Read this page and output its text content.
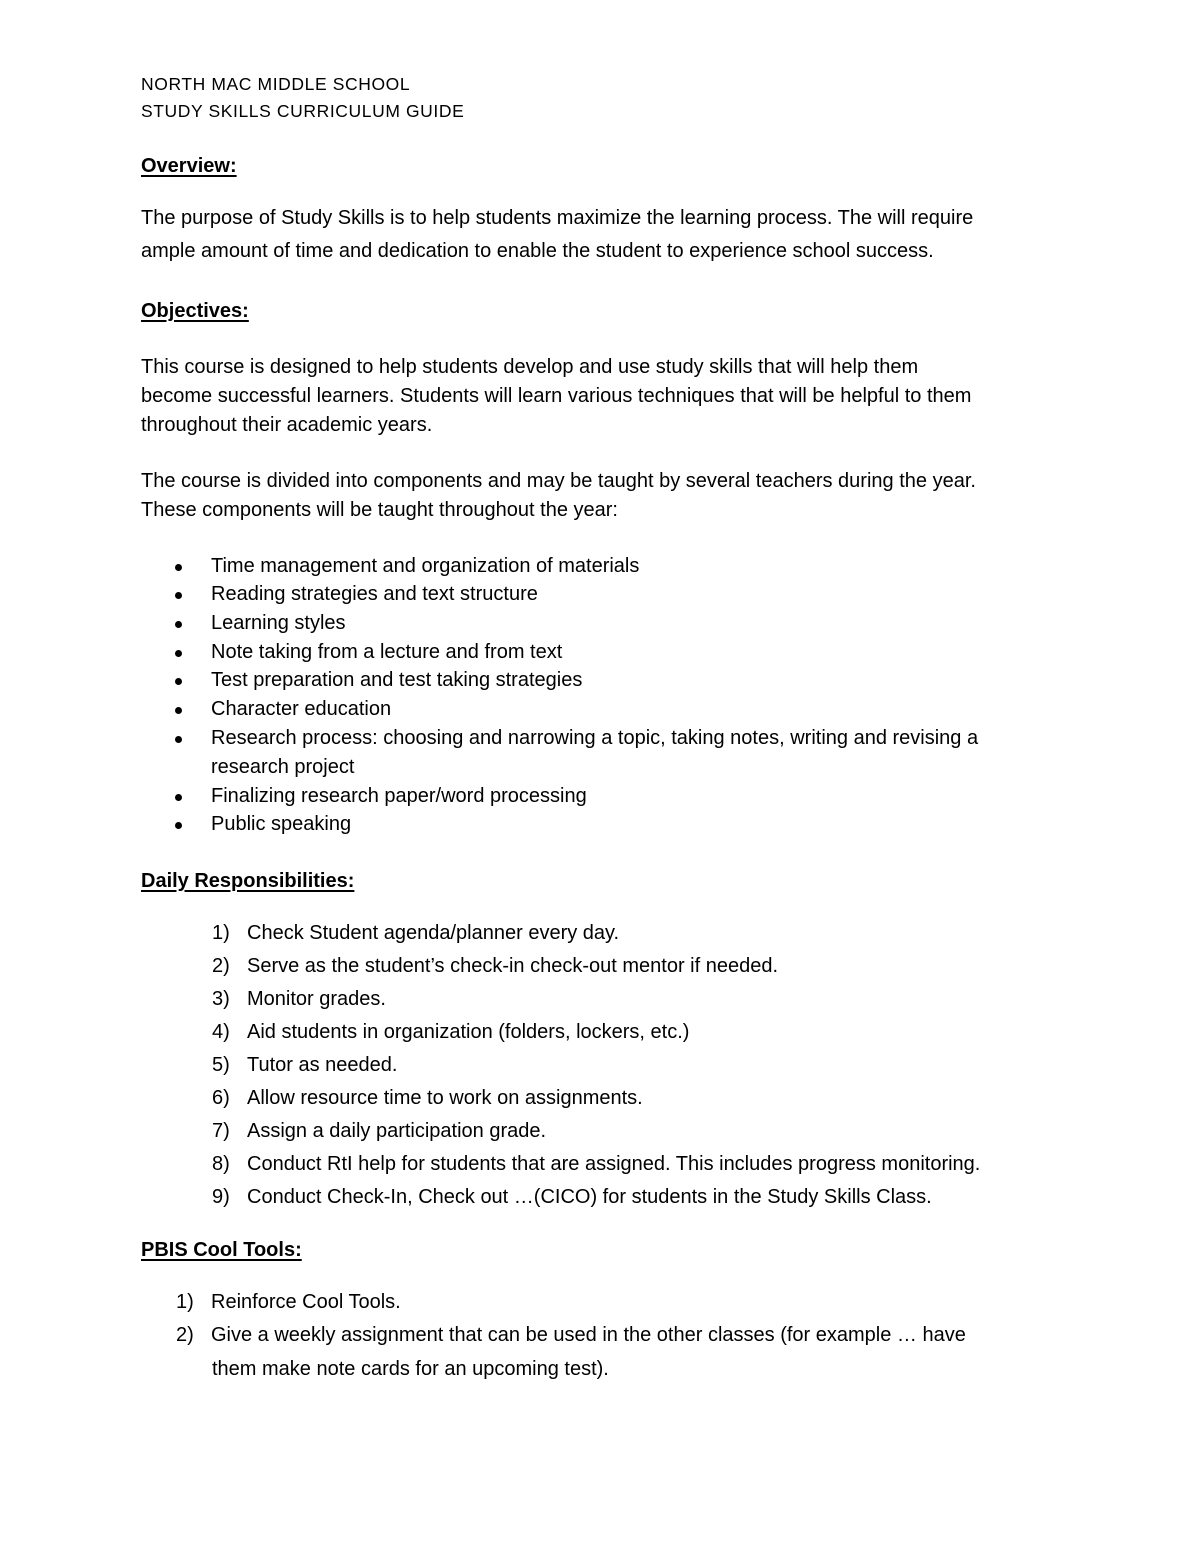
NORTH MAC MIDDLE SCHOOL
STUDY SKILLS CURRICULUM GUIDE
Overview:
The purpose of Study Skills is to help students maximize the learning process. The will require
ample amount of time and dedication to enable the student to experience school success.
Objectives:
This course is designed to help students develop and use study skills that will help them
become successful learners. Students will learn various techniques that will be helpful to them
throughout their academic years.
The course is divided into components and may be taught by several teachers during the year.
These components will be taught throughout the year:
Time management and organization of materials
Reading strategies and text structure
Learning styles
Note taking from a lecture and from text
Test preparation and test taking strategies
Character education
Research process: choosing and narrowing a topic, taking notes, writing and revising a
research project
Finalizing research paper/word processing
Public speaking
Daily Responsibilities:
1) Check Student agenda/planner every day.
2) Serve as the student’s check-in check-out mentor if needed.
3) Monitor grades.
4) Aid students in organization (folders, lockers, etc.)
5) Tutor as needed.
6) Allow resource time to work on assignments.
7) Assign a daily participation grade.
8) Conduct RtI help for students that are assigned. This includes progress monitoring.
9) Conduct Check-In, Check out …(CICO) for students in the Study Skills Class.
PBIS Cool Tools:
1) Reinforce Cool Tools.
2) Give a weekly assignment that can be used in the other classes (for example … have
them make note cards for an upcoming test).
